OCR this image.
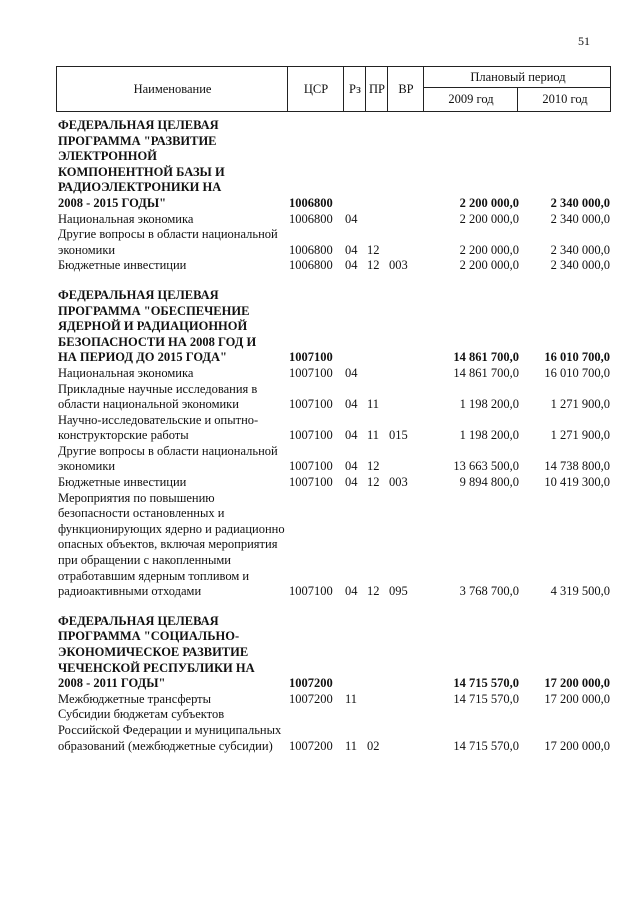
51
Наименование	ЦСР	Рз ПР	ВР
Плановый период
2009 год	2010 год
ФЕДЕРАЛЬНАЯ ЦЕЛЕВАЯ
ПРОГРАММА "РАЗВИТИЕ
ЭЛЕКТРОННОЙ
КОМПОНЕНТНОЙ БАЗЫ И
РАДИОЭЛЕКТРОНИКИ НА
2008 - 2015 ГОДЫ"	1006800	2 200 000,0	2 340 000,0
Национальная экономика	1006800 04	2 200 000,0	2 340 000,0
Другие вопросы в области национальной экономики	1006800 04 12	2 200 000,0	2 340 000,0
Бюджетные инвестиции	1006800 04 12 003	2 200 000,0	2 340 000,0
ФЕДЕРАЛЬНАЯ ЦЕЛЕВАЯ
ПРОГРАММА "ОБЕСПЕЧЕНИЕ
ЯДЕРНОЙ И РАДИАЦИОННОЙ
БЕЗОПАСНОСТИ НА 2008 ГОД И
НА ПЕРИОД ДО 2015 ГОДА"	1007100	14 861 700,0	16 010 700,0
Национальная экономика	1007100 04	14 861 700,0	16 010 700,0
Прикладные научные исследования в области национальной экономики	1007100 04 11	1 198 200,0	1 271 900,0
Научно-исследовательские и опытно-конструкторские работы	1007100 04 11 015	1 198 200,0	1 271 900,0
Другие вопросы в области национальной экономики	1007100 04 12	13 663 500,0	14 738 800,0
Бюджетные инвестиции	1007100 04 12 003	9 894 800,0	10 419 300,0
Мероприятия по повышению безопасности остановленных и функционирующих ядерно и радиационно опасных объектов, включая мероприятия при обращении с накопленными отработавшим ядерным топливом и радиоактивными отходами	1007100 04 12 095	3 768 700,0	4 319 500,0
ФЕДЕРАЛЬНАЯ ЦЕЛЕВАЯ
ПРОГРАММА "СОЦИАЛЬНО-
ЭКОНОМИЧЕСКОЕ РАЗВИТИЕ
ЧЕЧЕНСКОЙ РЕСПУБЛИКИ НА
2008 - 2011 ГОДЫ"	1007200	14 715 570,0	17 200 000,0
Межбюджетные трансферты	1007200 11	14 715 570,0	17 200 000,0
Субсидии бюджетам субъектов Российской Федерации и муниципальных образований (межбюджетные субсидии)	1007200 11 02	14 715 570,0	17 200 000,0
